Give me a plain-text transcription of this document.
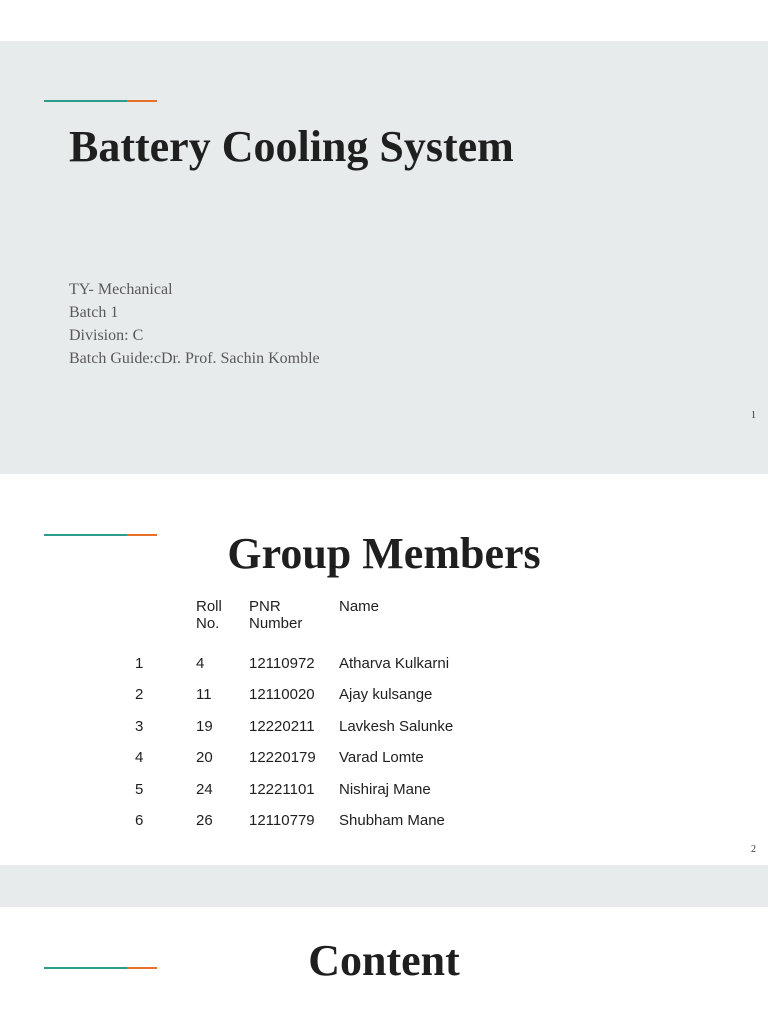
Battery Cooling System
TY- Mechanical
Batch 1
Division: C
Batch Guide:cDr. Prof. Sachin Komble
1
Group Members
	Roll No.	PNR Number	Name
1	4	12110972	Atharva Kulkarni
2	11	12110020	Ajay kulsange
3	19	12220211	Lavkesh Salunke
4	20	12220179	Varad Lomte
5	24	12221101	Nishiraj Mane
6	26	12110779	Shubham Mane
2
Content
